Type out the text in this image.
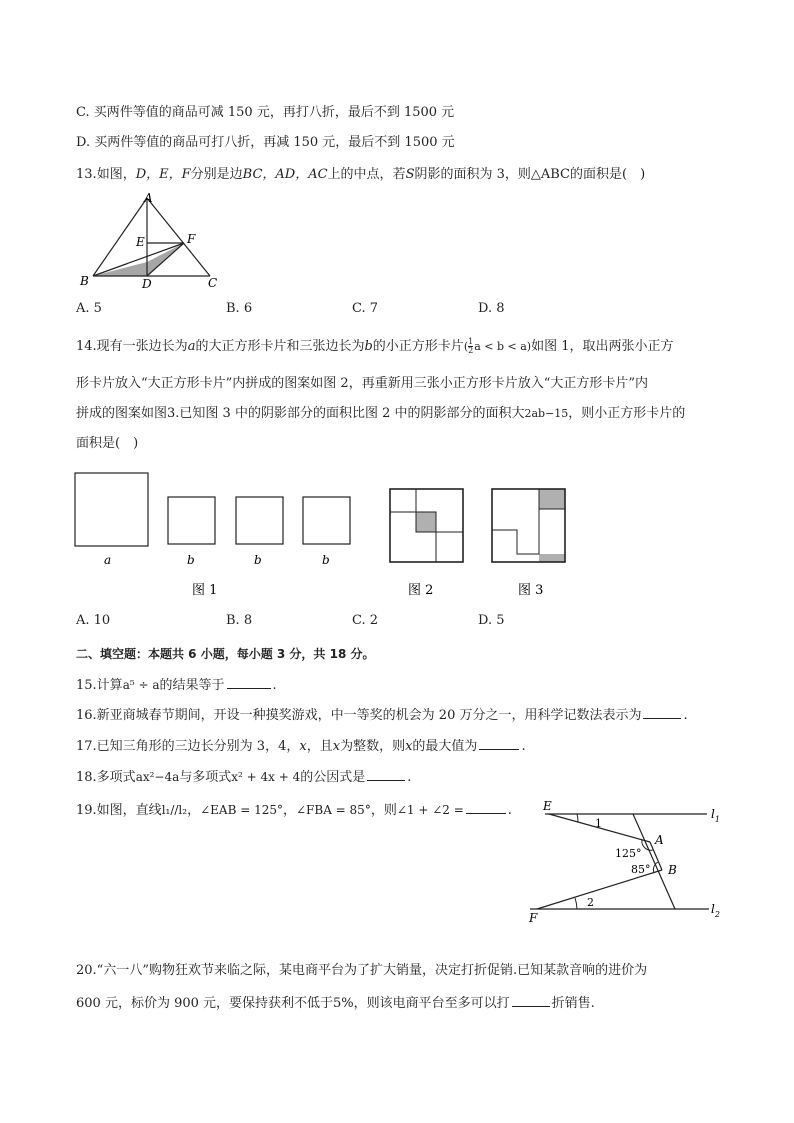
C. 买两件等值的商品可减 150 元，再打八折，最后不到 1500 元
D. 买两件等值的商品可打八折，再减 150 元，最后不到 1500 元
13.如图，D，E，F分别是边BC，AD，AC上的中点，若S阴影的面积为 3，则△ABC的面积是(　)
A
B	C
D
E	F
A. 5	B. 6	C. 7	D. 8
14.现有一张边长为a的大正方形卡片和三张边长为b的小正方形卡片( $\frac{1}{2}$ a < b < a)如图 1，取出两张小正方
形卡片放入“大正方形卡片”内拼成的图案如图 2，再重新用三张小正方形卡片放入“大正方形卡片”内
拼成的图案如图3.已知图 3 中的阴影部分的面积比图 2 中的阴影部分的面积大2ab−15，则小正方形卡片的
面积是(　)
a	b	b	b
图 1	图 2	图 3
A. 10	B. 8	C. 2	D. 5
二、填空题：本题共 6 小题，每小题 3 分，共 18 分。
15.计算a⁵ ÷ a的结果等于	.
16.新亚商城春节期间，开设一种摸奖游戏，中一等奖的机会为 20 万分之一，用科学记数法表示为	.
17.已知三角形的三边长分别为 3，4，x，且x为整数，则x的最大值为	.
18.多项式ax²−4a与多项式x² + 4x + 4的公因式是	.
19.如图，直线l₁//l₂，∠EAB = 125°，∠FBA = 85°，则∠1 + ∠2 =	.	E
F
A
B
$l_1$
$l_2$
1
2
125°
85°
20.“六一八”购物狂欢节来临之际，某电商平台为了扩大销量，决定打折促销.已知某款音响的进价为
600 元，标价为 900 元，要保持获利不低于5%，则该电商平台至多可以打	折销售.
